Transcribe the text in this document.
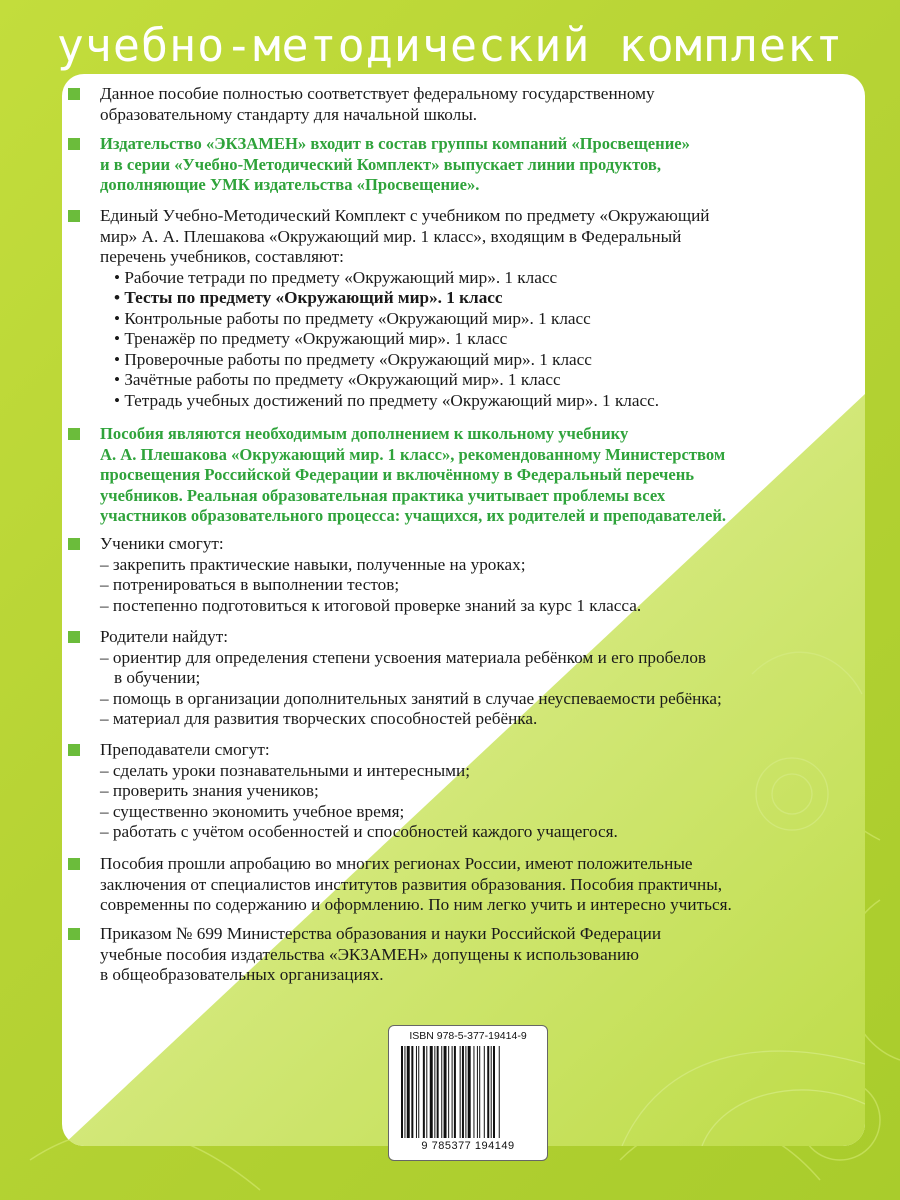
учебно-методический комплект
Данное пособие полностью соответствует федеральному государственному
образовательному стандарту для начальной школы.
Издательство «ЭКЗАМЕН» входит в состав группы компаний «Просвещение»
и в серии «Учебно-Методический Комплект» выпускает линии продуктов,
дополняющие УМК издательства «Просвещение».
Единый Учебно-Методический Комплект с учебником по предмету «Окружающий
мир» А. А. Плешакова «Окружающий мир. 1 класс», входящим в Федеральный
перечень учебников, составляют:
• Рабочие тетради по предмету «Окружающий мир». 1 класс
• Тесты по предмету «Окружающий мир». 1 класс
• Контрольные работы по предмету «Окружающий мир». 1 класс
• Тренажёр по предмету «Окружающий мир». 1 класс
• Проверочные работы по предмету «Окружающий мир». 1 класс
• Зачётные работы по предмету «Окружающий мир». 1 класс
• Тетрадь учебных достижений по предмету «Окружающий мир». 1 класс.
Пособия являются необходимым дополнением к школьному учебнику
А. А. Плешакова «Окружающий мир. 1 класс», рекомендованному Министерством
просвещения Российской Федерации и включённому в Федеральный перечень
учебников. Реальная образовательная практика учитывает проблемы всех
участников образовательного процесса: учащихся, их родителей и преподавателей.
Ученики смогут:
– закрепить практические навыки, полученные на уроках;
– потренироваться в выполнении тестов;
– постепенно подготовиться к итоговой проверке знаний за курс 1 класса.
Родители найдут:
– ориентир для определения степени усвоения материала ребёнком и его пробелов
в обучении;
– помощь в организации дополнительных занятий в случае неуспеваемости ребёнка;
– материал для развития творческих способностей ребёнка.
Преподаватели смогут:
– сделать уроки познавательными и интересными;
– проверить знания учеников;
– существенно экономить учебное время;
– работать с учётом особенностей и способностей каждого учащегося.
Пособия прошли апробацию во многих регионах России, имеют положительные
заключения от специалистов институтов развития образования. Пособия практичны,
современны по содержанию и оформлению. По ним легко учить и интересно учиться.
Приказом № 699 Министерства образования и науки Российской Федерации
учебные пособия издательства «ЭКЗАМЕН» допущены к использованию
в общеобразовательных организациях.
ISBN 978-5-377-19414-9
9 785377 194149
